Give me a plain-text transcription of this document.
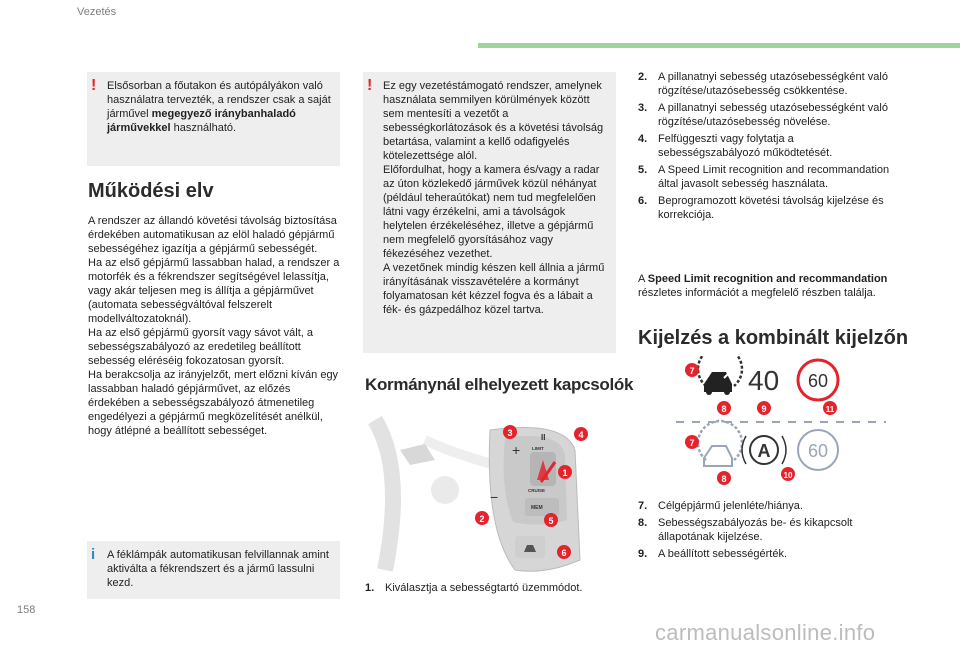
Vezetés
! Elsősorban a főutakon és autópályákon való használatra tervezték, a rendszer csak a saját járművel megegyező iránybanhaladó járművekkel használható.
Működési elv
A rendszer az állandó követési távolság biztosítása érdekében automatikusan az elöl haladó gépjármű sebességéhez igazítja a gépjármű sebességét.
Ha az első gépjármű lassabban halad, a rendszer a motorfék és a fékrendszer segítségével lelassítja, vagy akár teljesen meg is állítja a gépjárművet (automata sebességváltóval felszerelt modellváltozatoknál).
Ha az első gépjármű gyorsít vagy sávot vált, a sebességszabályozó az eredetileg beállított sebesség eléréséig fokozatosan gyorsít.
Ha berakcsolja az irányjelzőt, mert előzni kíván egy lassabban haladó gépjárművet, az előzés érdekében a sebességszabályozó átmenetileg engedélyezi a gépjármű megközelítését anélkül, hogy átlépné a beállított sebességet.
i A féklámpák automatikusan felvillannak amint aktiválta a fékrendszert és a jármű lassulni kezd.
! Ez egy vezetéstámogató rendszer, amelynek használata semmilyen körülmények között sem mentesíti a vezetőt a sebességkorlátozások és a követési távolság betartása, valamint a kellő odafigyelés kötelezettsége alól.
Előfordulhat, hogy a kamera és/vagy a radar az úton közlekedő járművek közül néhányat (például teheraútókat) nem tud megfelelően látni vagy érzékelni, ami a távolságok helytelen érzékeléséhez, illetve a gépjármű nem megfelelő gyorsításához vagy fékezéséhez vezethet.
A vezetőnek mindig készen kell állnia a jármű irányításának visszavételére a kormányt folyamatosan két kézzel fogva és a lábait a fék- és gázpedálhoz közel tartva.
Kormánynál elhelyezett kapcsolók
+
−
II
LIMIT
CRUISE
MEM
3	4
1
2	5
6
1. Kiválasztja a sebességtartó üzemmódot.
2. A pillanatnyi sebesség utazósebességként való rögzítése/utazósebesség csökkentése.
3. A pillanatnyi sebesség utazósebességként való rögzítése/utazósebesség növelése.
4. Felfüggeszti vagy folytatja a sebességszabályozó működtetését.
5. A Speed Limit recognition and recommandation által javasolt sebesség használata.
6. Beprogramozott követési távolság kijelzése és korrekciója.
A Speed Limit recognition and recommandation részletes információt a megfelelő részben találja.
Kijelzés a kombinált kijelzőn
40 60
A 60
7
8	9	11
7
8	10
7. Célgépjármű jelenléte/hiánya.
8. Sebességszabályozás be- és kikapcsolt állapotának kijelzése.
9. A beállított sebességérték.
158
carmanualsonline.info
